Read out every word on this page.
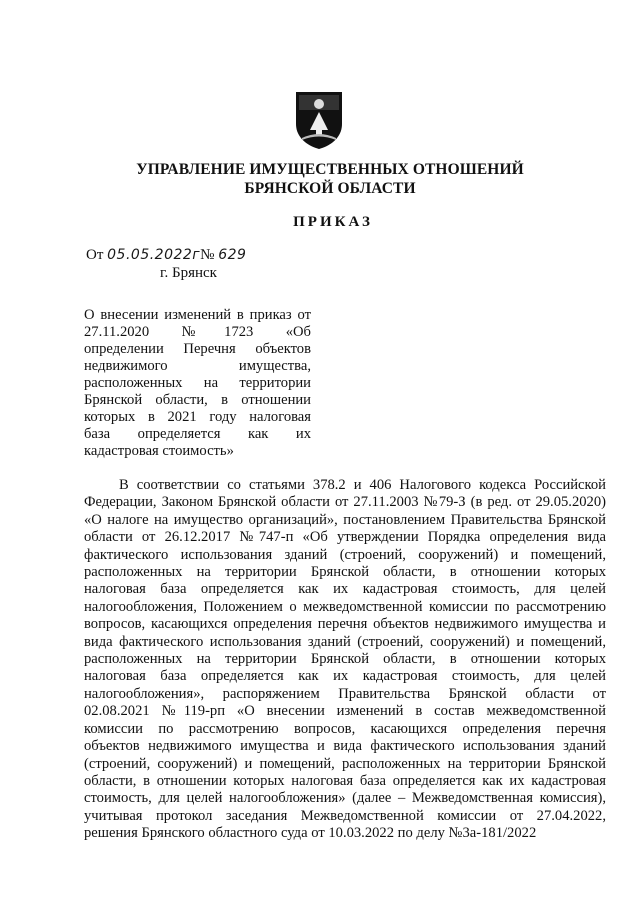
УПРАВЛЕНИЕ ИМУЩЕСТВЕННЫХ ОТНОШЕНИЙ
БРЯНСКОЙ ОБЛАСТИ
ПРИКАЗ
От 05.05.2022г№ 629
г. Брянск
О внесении изменений в приказ от
27.11.2020 №1723 «Об
определении Перечня объектов
недвижимого имущества,
расположенных на территории
Брянской области, в отношении
которых в 2021 году налоговая
база определяется как их
кадастровая стоимость»
В соответствии со статьями 378.2 и 406 Налогового кодекса Российской
Федерации, Законом Брянской области от 27.11.2003 №79-З (в ред. от 29.05.2020)
«О налоге на имущество организаций», постановлением Правительства Брянской
области от 26.12.2017 №747-п «Об утверждении Порядка определения вида
фактического использования зданий (строений, сооружений) и помещений,
расположенных на территории Брянской области, в отношении которых
налоговая база определяется как их кадастровая стоимость, для целей
налогообложения, Положением о межведомственной комиссии по рассмотрению
вопросов, касающихся определения перечня объектов недвижимого имущества и
вида фактического использования зданий (строений, сооружений) и помещений,
расположенных на территории Брянской области, в отношении которых
налоговая база определяется как их кадастровая стоимость, для целей
налогообложения», распоряжением Правительства Брянской области от
02.08.2021 №119-рп «О внесении изменений в состав межведомственной
комиссии по рассмотрению вопросов, касающихся определения перечня
объектов недвижимого имущества и вида фактического использования зданий
(строений, сооружений) и помещений, расположенных на территории Брянской
области, в отношении которых налоговая база определяется как их кадастровая
стоимость, для целей налогообложения» (далее – Межведомственная комиссия),
учитывая протокол заседания Межведомственной комиссии от 27.04.2022,
решения Брянского областного суда от 10.03.2022 по делу №3а-181/2022
